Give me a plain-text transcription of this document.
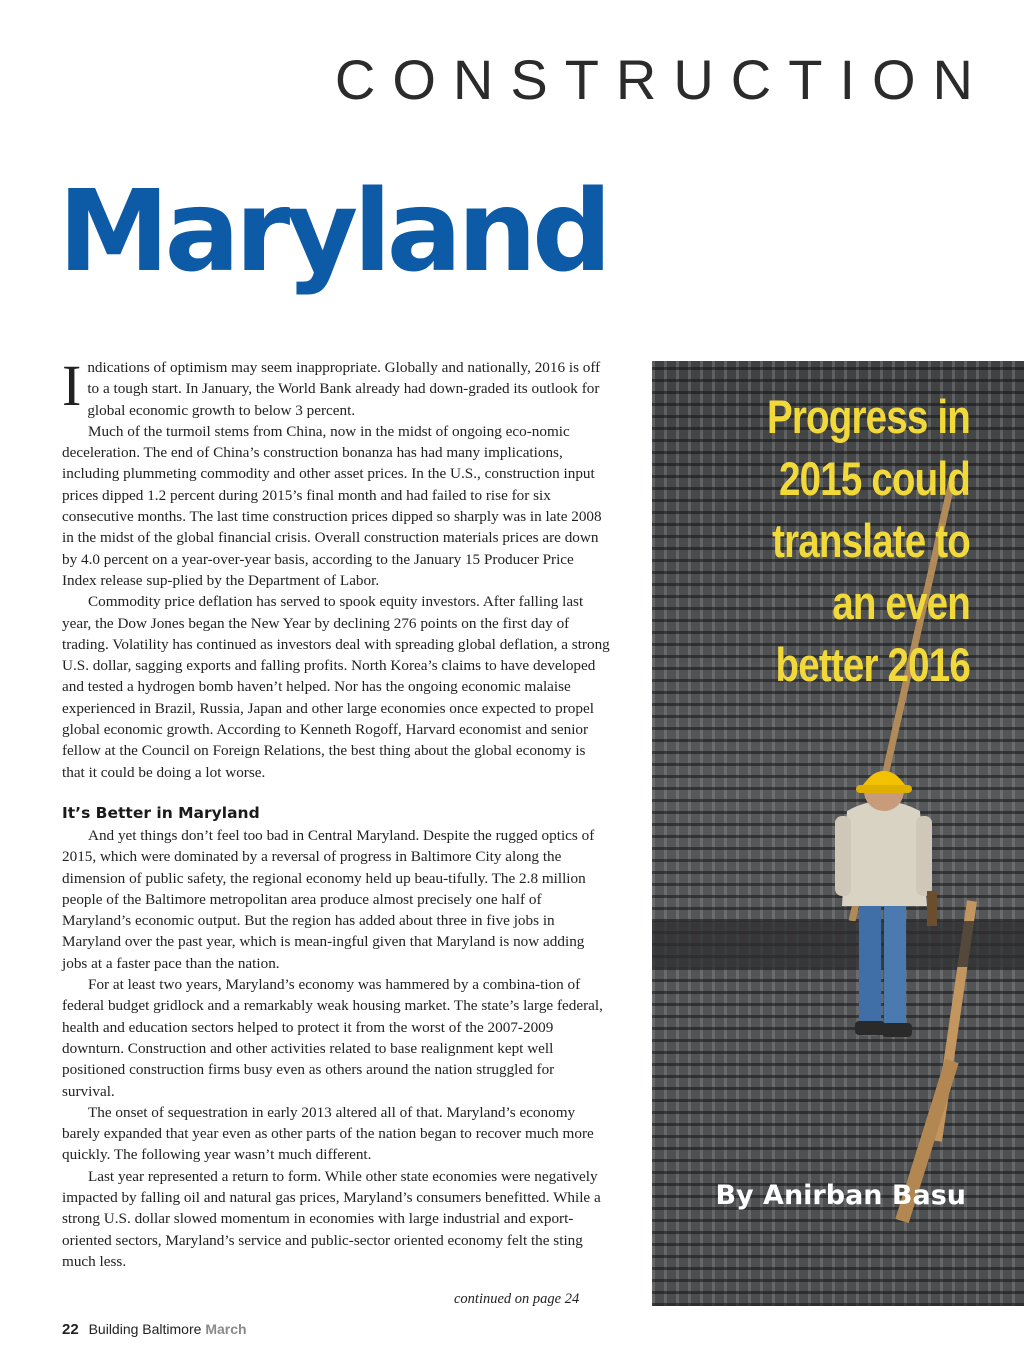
CONSTRUCTION
Maryland

Indications of optimism may seem inappropriate. Globally and nationally, 2016 is off to a tough start. In January, the World Bank already had down-graded its outlook for global economic growth to below 3 percent.

Much of the turmoil stems from China, now in the midst of ongoing eco-nomic deceleration. The end of China’s construction bonanza has had many implications, including plummeting commodity and other asset prices. In the U.S., construction input prices dipped 1.2 percent during 2015’s final month and had failed to rise for six consecutive months. The last time construction prices dipped so sharply was in late 2008 in the midst of the global financial crisis. Overall construction materials prices are down by 4.0 percent on a year-over-year basis, according to the January 15 Producer Price Index release sup-plied by the Department of Labor.

Commodity price deflation has served to spook equity investors. After falling last year, the Dow Jones began the New Year by declining 276 points on the first day of trading. Volatility has continued as investors deal with spreading global deflation, a strong U.S. dollar, sagging exports and falling profits. North Korea’s claims to have developed and tested a hydrogen bomb haven’t helped. Nor has the ongoing economic malaise experienced in Brazil, Russia, Japan and other large economies once expected to propel global economic growth. According to Kenneth Rogoff, Harvard economist and senior fellow at the Council on Foreign Relations, the best thing about the global economy is that it could be doing a lot worse.

It’s Better in Maryland

And yet things don’t feel too bad in Central Maryland. Despite the rugged optics of 2015, which were dominated by a reversal of progress in Baltimore City along the dimension of public safety, the regional economy held up beau-tifully. The 2.8 million people of the Baltimore metropolitan area produce almost precisely one half of Maryland’s economic output. But the region has added about three in five jobs in Maryland over the past year, which is mean-ingful given that Maryland is now adding jobs at a faster pace than the nation.

For at least two years, Maryland’s economy was hammered by a combina-tion of federal budget gridlock and a remarkably weak housing market. The state’s large federal, health and education sectors helped to protect it from the worst of the 2007-2009 downturn. Construction and other activities related to base realignment kept well positioned construction firms busy even as others around the nation struggled for survival.

The onset of sequestration in early 2013 altered all of that. Maryland’s economy barely expanded that year even as other parts of the nation began to recover much more quickly. The following year wasn’t much different.

Last year represented a return to form. While other state economies were negatively impacted by falling oil and natural gas prices, Maryland’s consumers benefitted. While a strong U.S. dollar slowed momentum in economies with large industrial and export-oriented sectors, Maryland’s service and public-sector oriented economy felt the sting much less.

continued on page 24
Progress in
2015 could
translate to
an even
better 2016
By Anirban Basu
22 Building Baltimore March
